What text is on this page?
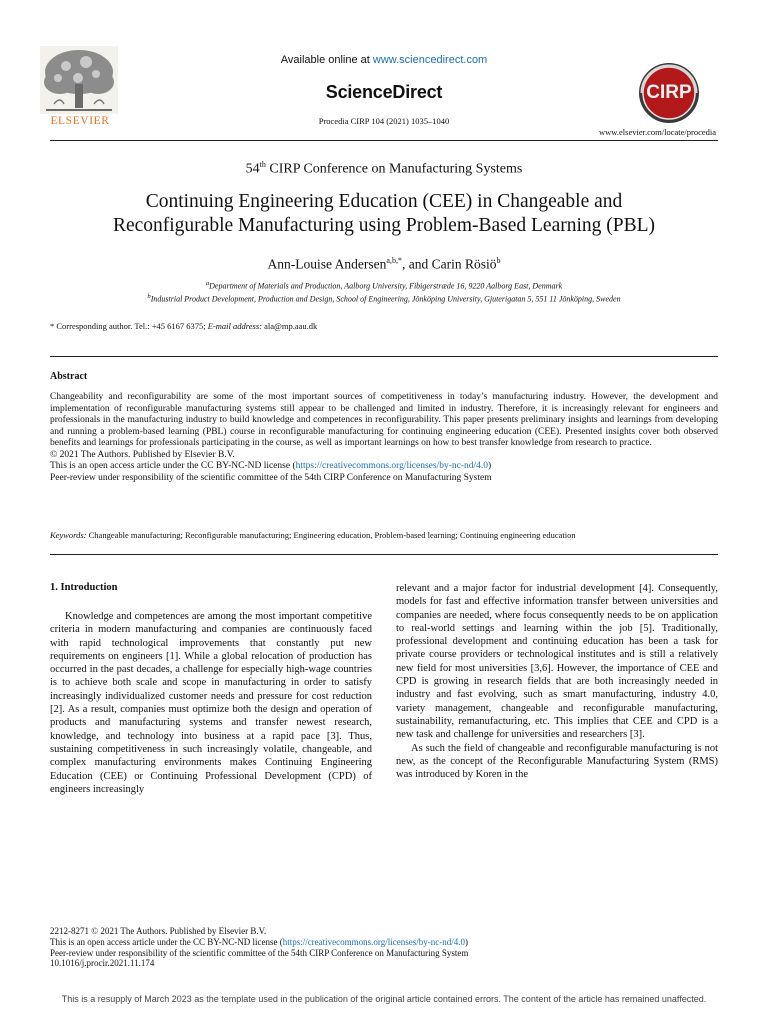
ELSEVIER
Available online at www.sciencedirect.com
ScienceDirect
Procedia CIRP 104 (2021) 1035–1040
CIRP
www.elsevier.com/locate/procedia
54th CIRP Conference on Manufacturing Systems
Continuing Engineering Education (CEE) in Changeable and
Reconfigurable Manufacturing using Problem-Based Learning (PBL)
Ann-Louise Andersen$^{a,b,*}$, and Carin Rösiö$^b$
$^a$Department of Materials and Production, Aalborg University, Fibigerstræde 16, 9220 Aalborg East, Denmark
$^b$Industrial Product Development, Production and Design, School of Engineering, Jönköping University, Gjuterigatan 5, 551 11 Jönköping, Sweden
* Corresponding author. Tel.: +45 6167 6375; E-mail address: ala@mp.aau.dk
Abstract

Changeability and reconfigurability are some of the most important sources of competitiveness in today’s manufacturing industry. However, the development and implementation of reconfigurable manufacturing systems still appear to be challenged and limited in industry. Therefore, it is increasingly relevant for engineers and professionals in the manufacturing industry to build knowledge and competences in reconfigurability. This paper presents preliminary insights and learnings from developing and running a problem-based learning (PBL) course in reconfigurable manufacturing for continuing engineering education (CEE). Presented insights cover both observed benefits and learnings for professionals participating in the course, as well as important learnings on how to best transfer knowledge from research to practice.

© 2021 The Authors. Published by Elsevier B.V.

This is an open access article under the CC BY-NC-ND license (https://creativecommons.org/licenses/by-nc-nd/4.0)

Peer-review under responsibility of the scientific committee of the 54th CIRP Conference on Manufacturing System

Keywords: Changeable manufacturing; Reconfigurable manufacturing; Engineering education, Problem-based learning; Continuing engineering education
1. Introduction

Knowledge and competences are among the most important competitive criteria in modern manufacturing and companies are continuously faced with rapid technological improvements that constantly put new requirements on engineers [1]. While a global relocation of production has occurred in the past decades, a challenge for especially high-wage countries is to achieve both scale and scope in manufacturing in order to satisfy increasingly individualized customer needs and pressure for cost reduction [2]. As a result, companies must optimize both the design and operation of products and manufacturing systems and transfer newest research, knowledge, and technology into business at a rapid pace [3]. Thus, sustaining competitiveness in such increasingly volatile, changeable, and complex manufacturing environments makes Continuing Engineering Education (CEE) or Continuing Professional Development (CPD) of engineers increasingly

relevant and a major factor for industrial development [4]. Consequently, models for fast and effective information transfer between universities and companies are needed, where focus consequently needs to be on application to real-world settings and learning within the job [5]. Traditionally, professional development and continuing education has been a task for private course providers or technological institutes and is still a relatively new field for most universities [3,6]. However, the importance of CEE and CPD is growing in research fields that are both increasingly needed in industry and fast evolving, such as smart manufacturing, industry 4.0, variety management, changeable and reconfigurable manufacturing, sustainability, remanufacturing, etc. This implies that CEE and CPD is a new task and challenge for universities and researchers [3].

As such the field of changeable and reconfigurable manufacturing is not new, as the concept of the Reconfigurable Manufacturing System (RMS) was introduced by Koren in the

2212-8271 © 2021 The Authors. Published by Elsevier B.V.
This is an open access article under the CC BY-NC-ND license (https://creativecommons.org/licenses/by-nc-nd/4.0)
Peer-review under responsibility of the scientific committee of the 54th CIRP Conference on Manufacturing System
10.1016/j.procir.2021.11.174
This is a resupply of March 2023 as the template used in the publication of the original article contained errors. The content of the article has remained unaffected.
